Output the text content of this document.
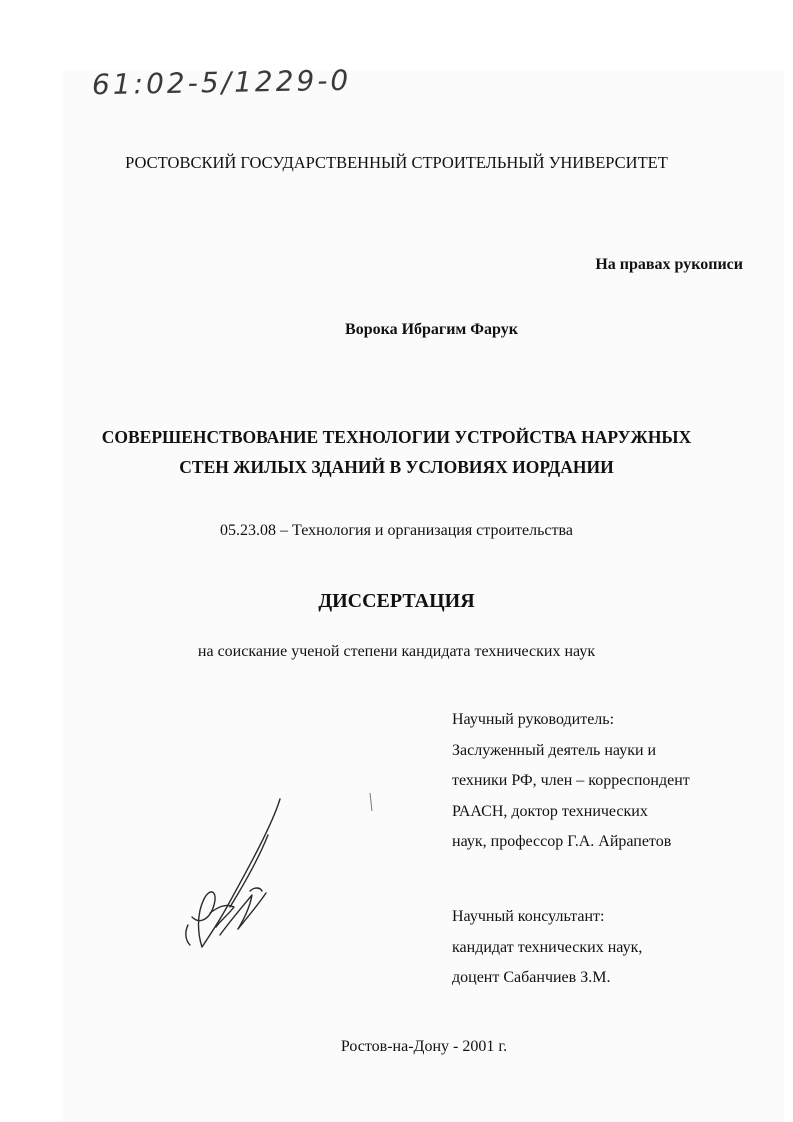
61:02-5/1229-0
РОСТОВСКИЙ ГОСУДАРСТВЕННЫЙ СТРОИТЕЛЬНЫЙ УНИВЕРСИТЕТ
На правах рукописи
Ворока Ибрагим Фарук
СОВЕРШЕНСТВОВАНИЕ ТЕХНОЛОГИИ УСТРОЙСТВА НАРУЖНЫХ
СТЕН ЖИЛЫХ ЗДАНИЙ В УСЛОВИЯХ ИОРДАНИИ
05.23.08 – Технология и организация строительства
ДИССЕРТАЦИЯ
на соискание ученой степени кандидата технических наук
Научный руководитель:
Заслуженный деятель науки и
техники РФ, член – корреспондент
РААСН, доктор технических
наук, профессор Г.А. Айрапетов
Научный консультант:
кандидат технических наук,
доцент Сабанчиев З.М.
Ростов-на-Дону - 2001 г.
